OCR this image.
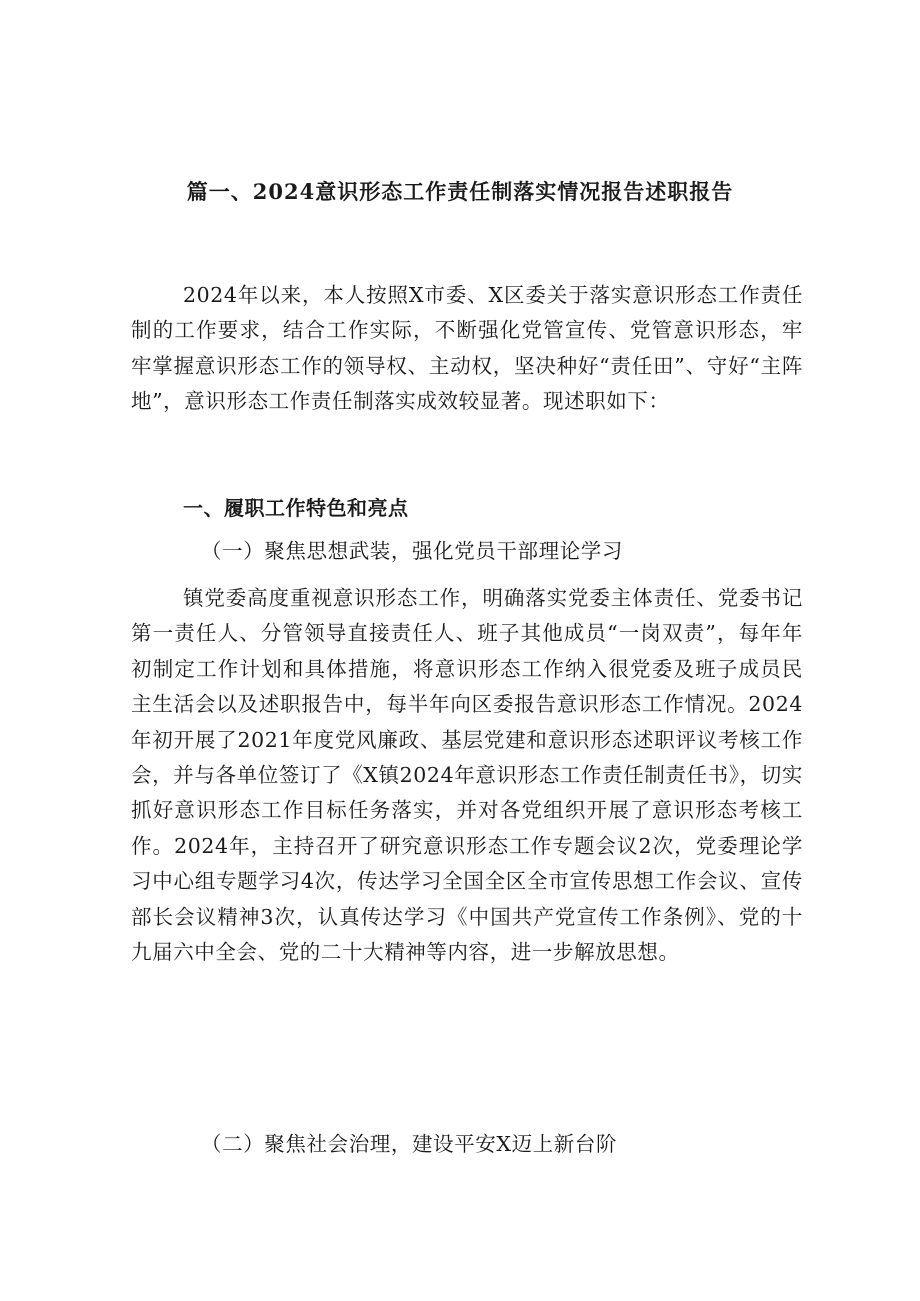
篇一、2024意识形态工作责任制落实情况报告述职报告

2024年以来，本人按照X市委、X区委关于落实意识形态工作责任制的工作要求，结合工作实际，不断强化党管宣传、党管意识形态，牢牢掌握意识形态工作的领导权、主动权，坚决种好“责任田”、守好“主阵地”，意识形态工作责任制落实成效较显著。现述职如下：

一、履职工作特色和亮点
（一）聚焦思想武装，强化党员干部理论学习

镇党委高度重视意识形态工作，明确落实党委主体责任、党委书记第一责任人、分管领导直接责任人、班子其他成员“一岗双责”，每年年初制定工作计划和具体措施，将意识形态工作纳入很党委及班子成员民主生活会以及述职报告中，每半年向区委报告意识形态工作情况。2024年初开展了2021年度党风廉政、基层党建和意识形态述职评议考核工作会，并与各单位签订了《X镇2024年意识形态工作责任制责任书》，切实抓好意识形态工作目标任务落实，并对各党组织开展了意识形态考核工作。2024年，主持召开了研究意识形态工作专题会议2次，党委理论学习中心组专题学习4次，传达学习全国全区全市宣传思想工作会议、宣传部长会议精神3次，认真传达学习《中国共产党宣传工作条例》、党的十九届六中全会、党的二十大精神等内容，进一步解放思想。

（二）聚焦社会治理，建设平安X迈上新台阶
